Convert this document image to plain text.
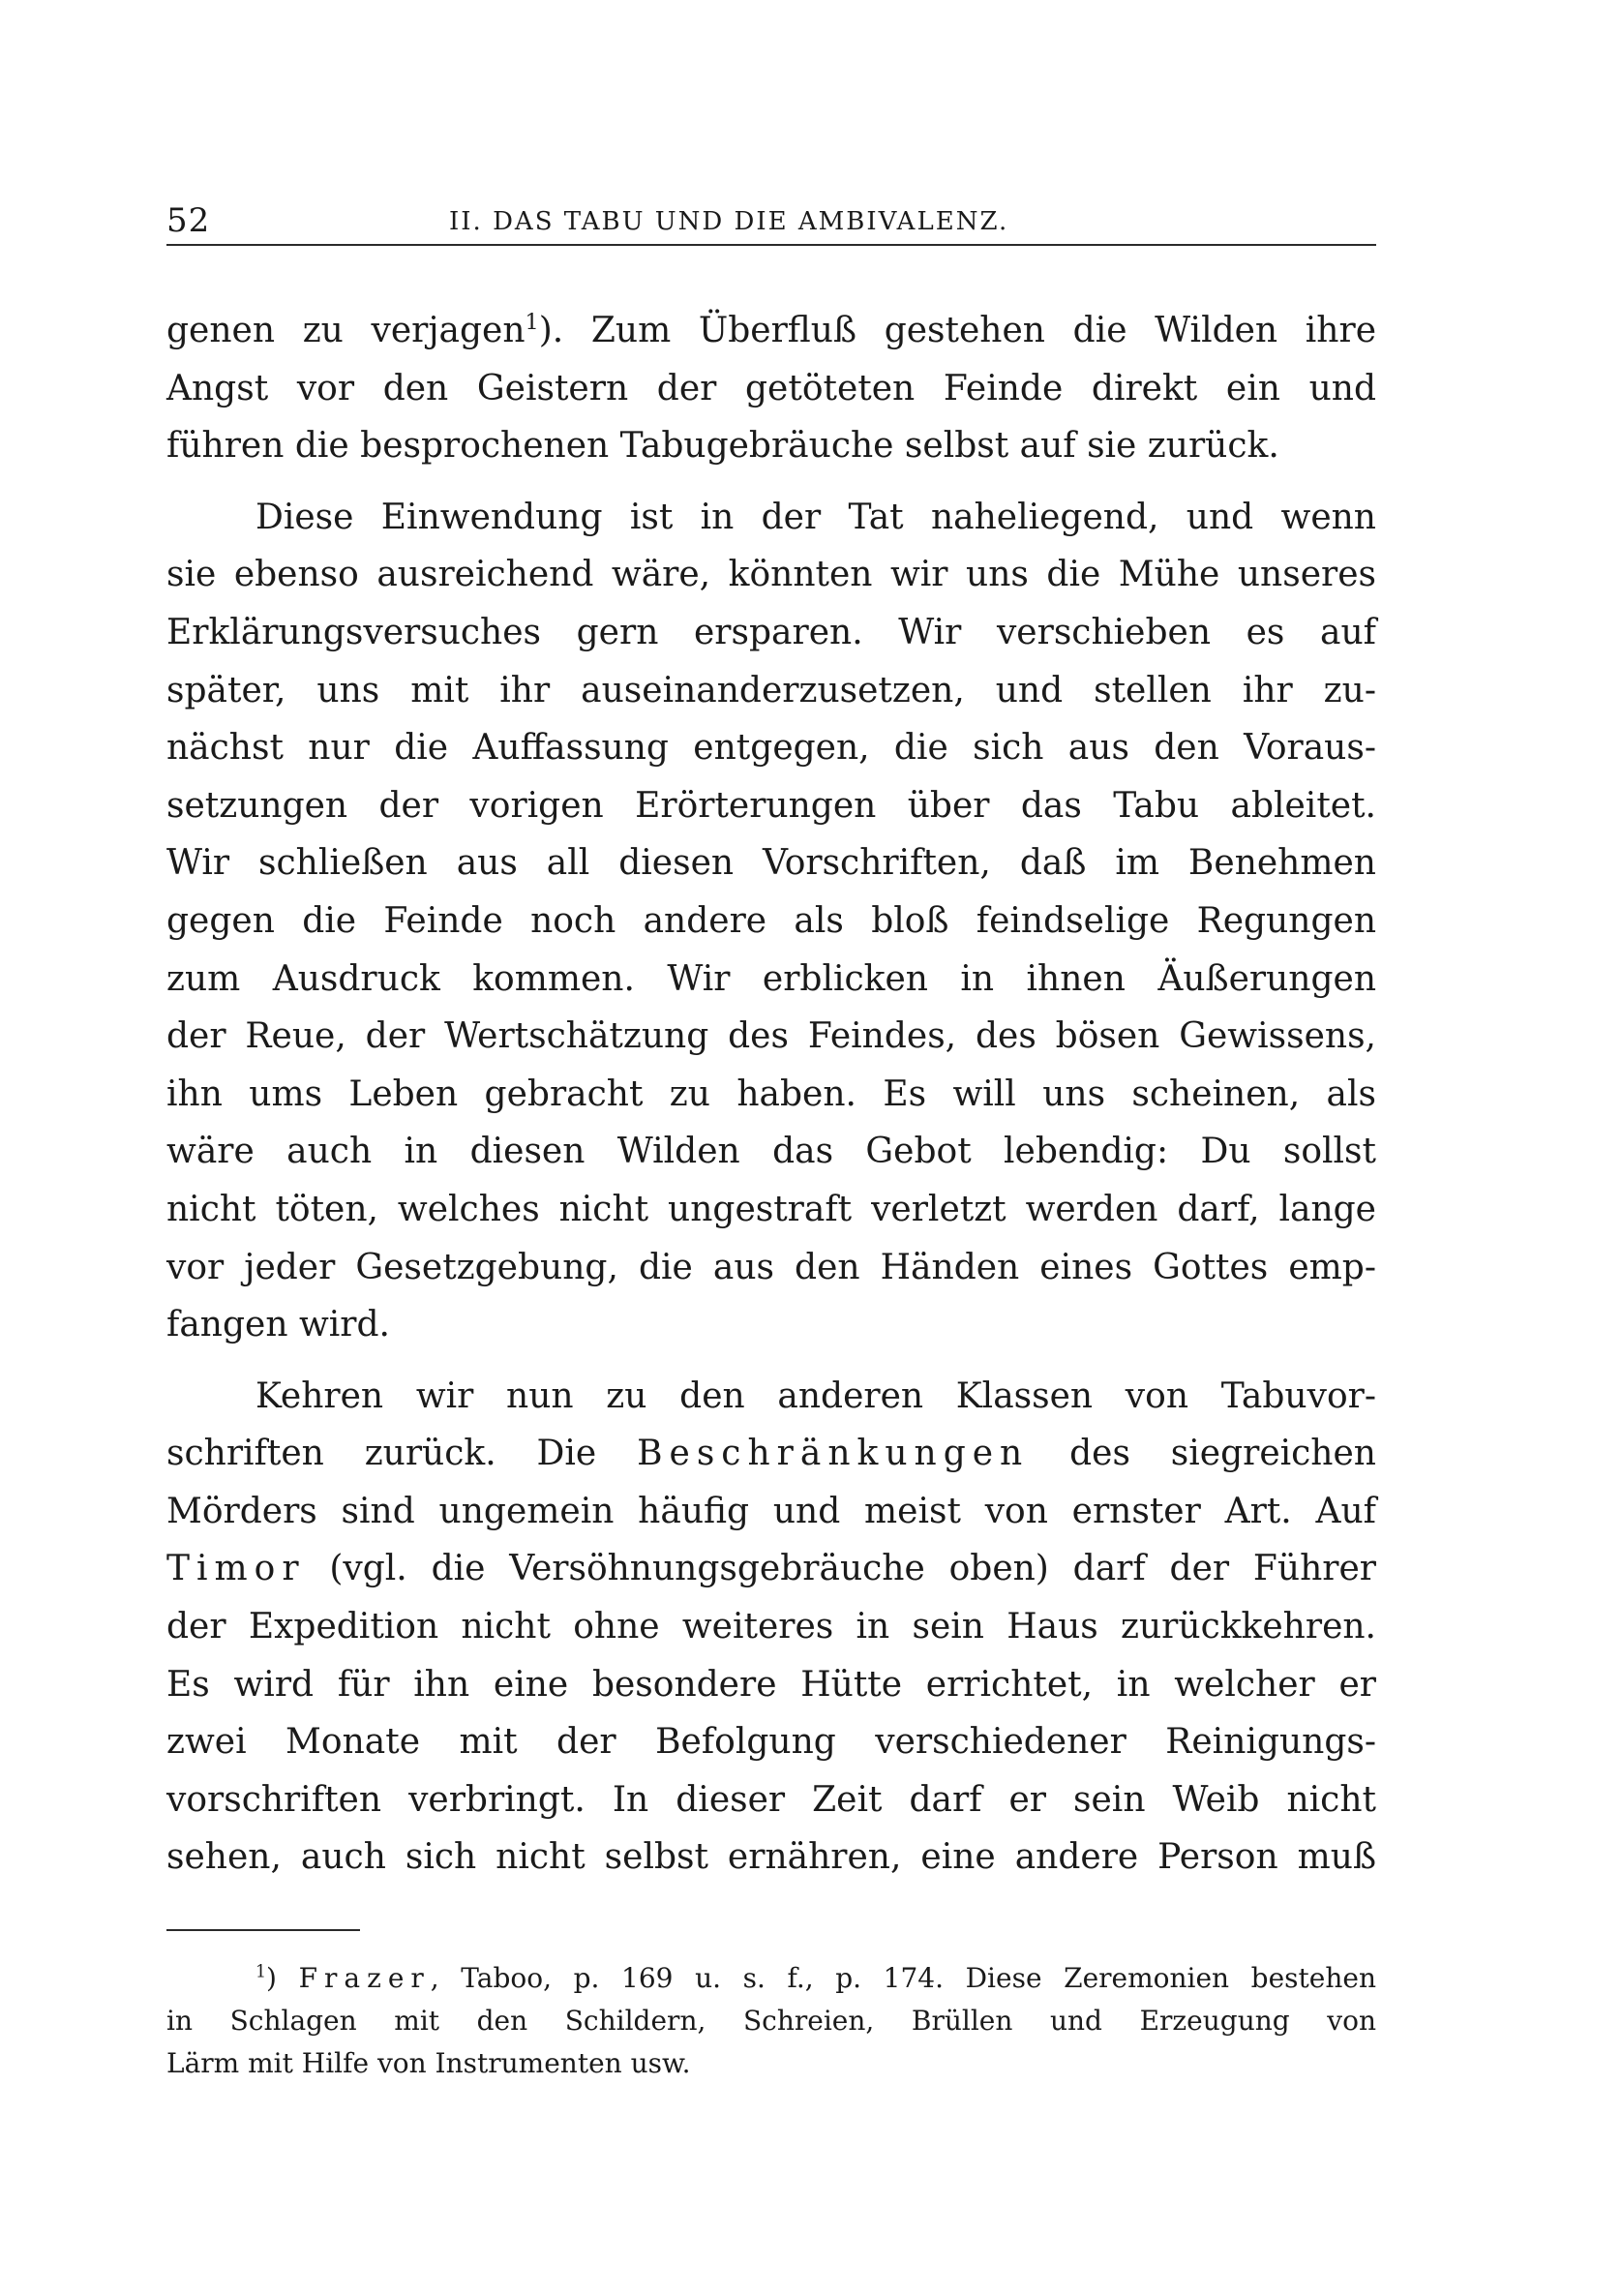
52	II. DAS TABU UND DIE AMBIVALENZ.
genen zu verjagen$^1$). Zum Überfluß gestehen die Wilden ihre
Angst vor den Geistern der getöteten Feinde direkt ein und
führen die besprochenen Tabugebräuche selbst auf sie zurück.
Diese Einwendung ist in der Tat naheliegend, und wenn
sie ebenso ausreichend wäre, könnten wir uns die Mühe unseres
Erklärungsversuches gern ersparen. Wir verschieben es auf
später, uns mit ihr auseinanderzusetzen, und stellen ihr zu-
nächst nur die Auffassung entgegen, die sich aus den Voraus-
setzungen der vorigen Erörterungen über das Tabu ableitet.
Wir schließen aus all diesen Vorschriften, daß im Benehmen
gegen die Feinde noch andere als bloß feindselige Regungen
zum Ausdruck kommen. Wir erblicken in ihnen Äußerungen
der Reue, der Wertschätzung des Feindes, des bösen Gewissens,
ihn ums Leben gebracht zu haben. Es will uns scheinen, als
wäre auch in diesen Wilden das Gebot lebendig: Du sollst
nicht töten, welches nicht ungestraft verletzt werden darf, lange
vor jeder Gesetzgebung, die aus den Händen eines Gottes emp-
fangen wird.
Kehren wir nun zu den anderen Klassen von Tabuvor-
schriften zurück. Die Beschränkungen des siegreichen
Mörders sind ungemein häufig und meist von ernster Art. Auf
Timor (vgl. die Versöhnungsgebräuche oben) darf der Führer
der Expedition nicht ohne weiteres in sein Haus zurückkehren.
Es wird für ihn eine besondere Hütte errichtet, in welcher er
zwei Monate mit der Befolgung verschiedener Reinigungs-
vorschriften verbringt. In dieser Zeit darf er sein Weib nicht
sehen, auch sich nicht selbst ernähren, eine andere Person muß
$^1$) Frazer, Taboo, p. 169 u. s. f., p. 174. Diese Zeremonien bestehen
in Schlagen mit den Schildern, Schreien, Brüllen und Erzeugung von
Lärm mit Hilfe von Instrumenten usw.
